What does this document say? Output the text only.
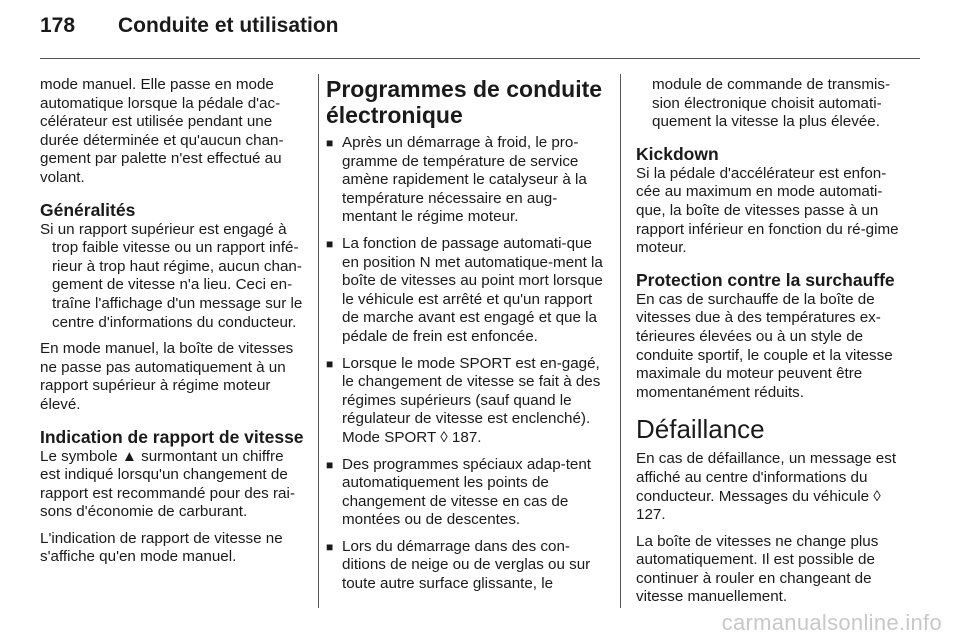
178	Conduite et utilisation

mode manuel. Elle passe en mode automatique lorsque la pédale d'ac-célérateur est utilisée pendant une durée déterminée et qu'aucun chan-gement par palette n'est effectué au volant.

Généralités

Si un rapport supérieur est engagé à trop faible vitesse ou un rapport infé-rieur à trop haut régime, aucun chan-gement de vitesse n'a lieu. Ceci en-traîne l'affichage d'un message sur le centre d'informations du conducteur.

En mode manuel, la boîte de vitesses ne passe pas automatiquement à un rapport supérieur à régime moteur élevé.

Indication de rapport de vitesse

Le symbole ▲ surmontant un chiffre est indiqué lorsqu'un changement de rapport est recommandé pour des rai-sons d'économie de carburant.

L'indication de rapport de vitesse ne s'affiche qu'en mode manuel.

Programmes de conduite électronique
■ Après un démarrage à froid, le pro-gramme de température de service amène rapidement le catalyseur à la température nécessaire en aug-mentant le régime moteur.
■ La fonction de passage automati-que en position N met automatique-ment la boîte de vitesses au point mort lorsque le véhicule est arrêté et qu'un rapport de marche avant est engagé et que la pédale de frein est enfoncée.
■ Lorsque le mode SPORT est en-gagé, le changement de vitesse se fait à des régimes supérieurs (sauf quand le régulateur de vitesse est enclenché). Mode SPORT ◊ 187.
■ Des programmes spéciaux adap-tent automatiquement les points de changement de vitesse en cas de montées ou de descentes.
■ Lors du démarrage dans des con-ditions de neige ou de verglas ou sur toute autre surface glissante, le

module de commande de transmis-sion électronique choisit automati-quement la vitesse la plus élevée.

Kickdown

Si la pédale d'accélérateur est enfon-cée au maximum en mode automati-que, la boîte de vitesses passe à un rapport inférieur en fonction du ré-gime moteur.

Protection contre la surchauffe

En cas de surchauffe de la boîte de vitesses due à des températures ex-térieures élevées ou à un style de conduite sportif, le couple et la vitesse maximale du moteur peuvent être momentanément réduits.

Défaillance

En cas de défaillance, un message est affiché au centre d'informations du conducteur. Messages du véhicule ◊ 127.

La boîte de vitesses ne change plus automatiquement. Il est possible de continuer à rouler en changeant de vitesse manuellement.

carmanualsonline.info
